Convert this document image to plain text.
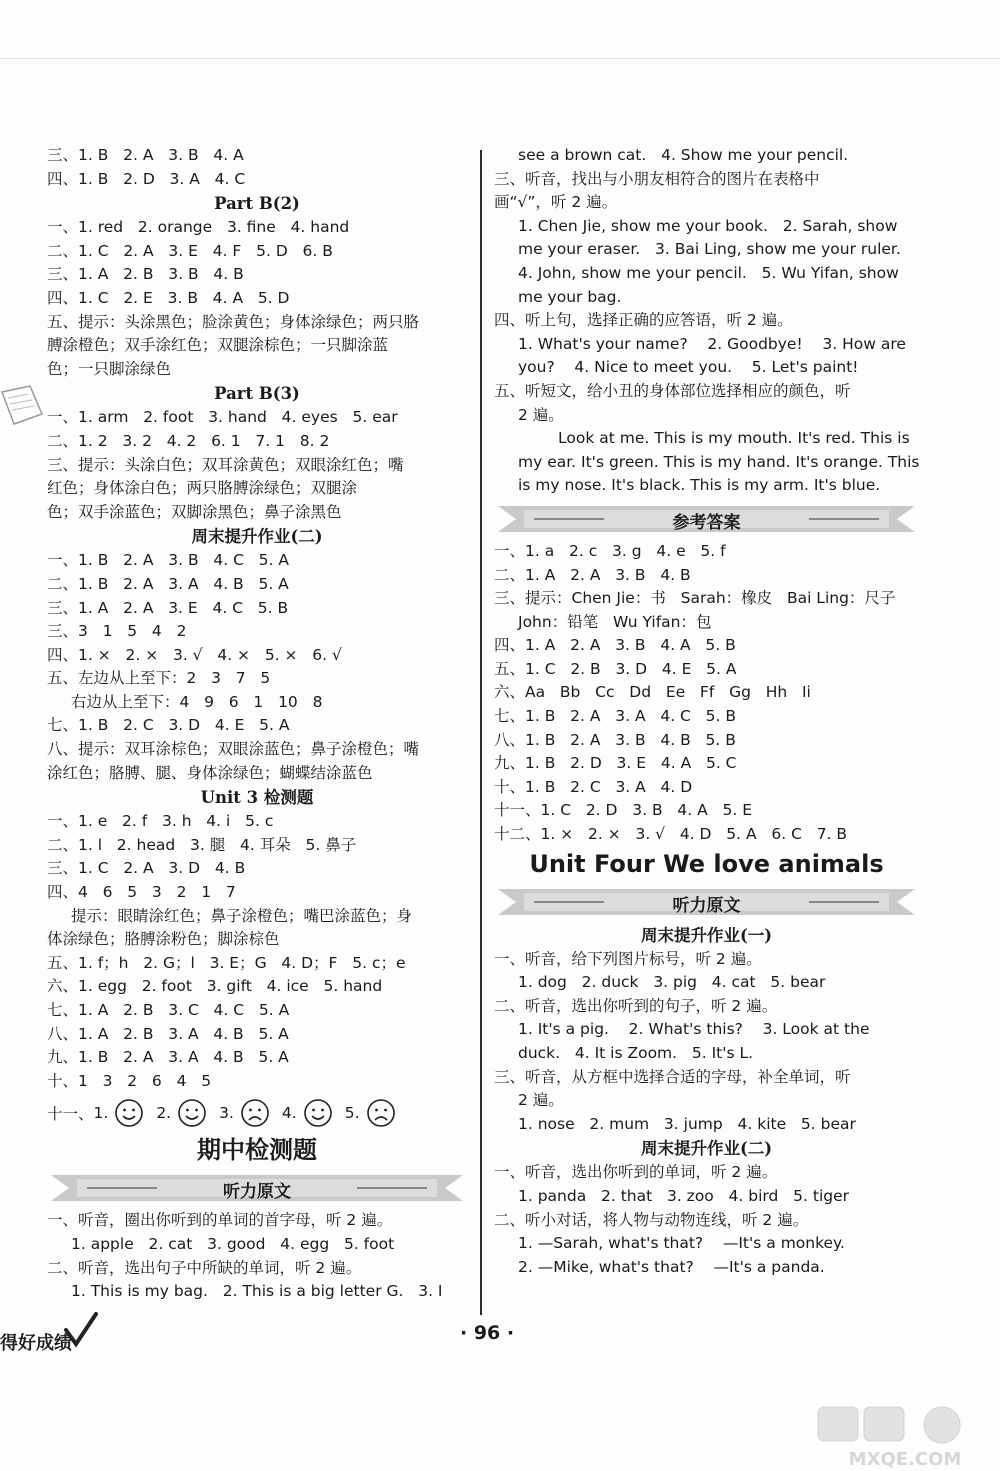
三、1. B   2. A   3. B   4. A
四、1. B   2. D   3. A   4. C
Part B(2)
一、1. red   2. orange   3. fine   4. hand
二、1. C   2. A   3. E   4. F   5. D   6. B
三、1. A   2. B   3. B   4. B
四、1. C   2. E   3. B   4. A   5. D
五、提示：头涂黑色；脸涂黄色；身体涂绿色；两只胳
膊涂橙色；双手涂红色；双腿涂棕色；一只脚涂蓝
色；一只脚涂绿色
Part B(3)
一、1. arm   2. foot   3. hand   4. eyes   5. ear
二、1. 2   3. 2   4. 2   6. 1   7. 1   8. 2
三、提示：头涂白色；双耳涂黄色；双眼涂红色；嘴
红色；身体涂白色；两只胳膊涂绿色；双腿涂
色；双手涂蓝色；双脚涂黑色；鼻子涂黑色
周末提升作业(二)
一、1. B   2. A   3. B   4. C   5. A
二、1. B   2. A   3. A   4. B   5. A
三、1. A   2. A   3. E   4. C   5. B
三、3   1   5   4   2
四、1. ×   2. ×   3. √   4. ×   5. ×   6. √
五、左边从上至下：2   3   7   5
右边从上至下：4   9   6   1   10   8
七、1. B   2. C   3. D   4. E   5. A
八、提示：双耳涂棕色；双眼涂蓝色；鼻子涂橙色；嘴
涂红色；胳膊、腿、身体涂绿色；蝴蝶结涂蓝色
Unit 3 检测题
一、1. e   2. f   3. h   4. i   5. c
二、1. l   2. head   3. 腿   4. 耳朵   5. 鼻子
三、1. C   2. A   3. D   4. B
四、4   6   5   3   2   1   7
提示：眼睛涂红色；鼻子涂橙色；嘴巴涂蓝色；身
体涂绿色；胳膊涂粉色；脚涂棕色
五、1. f；h   2. G；l   3. E；G   4. D；F   5. c；e
六、1. egg   2. foot   3. gift   4. ice   5. hand
七、1. A   2. B   3. C   4. C   5. A
八、1. A   2. B   3. A   4. B   5. A
九、1. B   2. A   3. A   4. B   5. A
十、1   3   2   6   4   5
十一、 1.	2.	3.	4.	5.
期中检测题
听力原文
一、听音，圈出你听到的单词的首字母，听 2 遍。
1. apple   2. cat   3. good   4. egg   5. foot
二、听音，选出句子中所缺的单词，听 2 遍。
1. This is my bag.   2. This is a big letter G.   3. I
see a brown cat.   4. Show me your pencil.
三、听音，找出与小朋友相符合的图片在表格中
画“√”，听 2 遍。
1. Chen Jie, show me your book.   2. Sarah, show
me your eraser.   3. Bai Ling, show me your ruler.
4. John, show me your pencil.   5. Wu Yifan, show
me your bag.
四、听上句，选择正确的应答语，听 2 遍。
1. What's your name?    2. Goodbye!    3. How are
you?    4. Nice to meet you.    5. Let's paint!
五、听短文，给小丑的身体部位选择相应的颜色，听
2 遍。
Look at me. This is my mouth. It's red. This is
my ear. It's green. This is my hand. It's orange. This
is my nose. It's black. This is my arm. It's blue.
参考答案
一、1. a   2. c   3. g   4. e   5. f
二、1. A   2. A   3. B   4. B
三、提示：Chen Jie：书   Sarah：橡皮   Bai Ling：尺子
John：铅笔   Wu Yifan：包
四、1. A   2. A   3. B   4. A   5. B
五、1. C   2. B   3. D   4. E   5. A
六、Aa   Bb   Cc   Dd   Ee   Ff   Gg   Hh   Ii
七、1. B   2. A   3. A   4. C   5. B
八、1. B   2. A   3. B   4. B   5. B
九、1. B   2. D   3. E   4. A   5. C
十、1. B   2. C   3. A   4. D
十一、1. C   2. D   3. B   4. A   5. E
十二、1. ×   2. ×   3. √   4. D   5. A   6. C   7. B
Unit Four We love animals
听力原文
周末提升作业(一)
一、听音，给下列图片标号，听 2 遍。
1. dog   2. duck   3. pig   4. cat   5. bear
二、听音，选出你听到的句子，听 2 遍。
1. It's a pig.    2. What's this?    3. Look at the
duck.   4. It is Zoom.   5. It's L.
三、听音，从方框中选择合适的字母，补全单词，听
2 遍。
1. nose   2. mum   3. jump   4. kite   5. bear
周末提升作业(二)
一、听音，选出你听到的单词，听 2 遍。
1. panda   2. that   3. zoo   4. bird   5. tiger
二、听小对话，将人物与动物连线，听 2 遍。
1. —Sarah, what's that?    —It's a monkey.
2. —Mike, what's that?    —It's a panda.
得好成绩	· 96 ·
MXQE.COM
